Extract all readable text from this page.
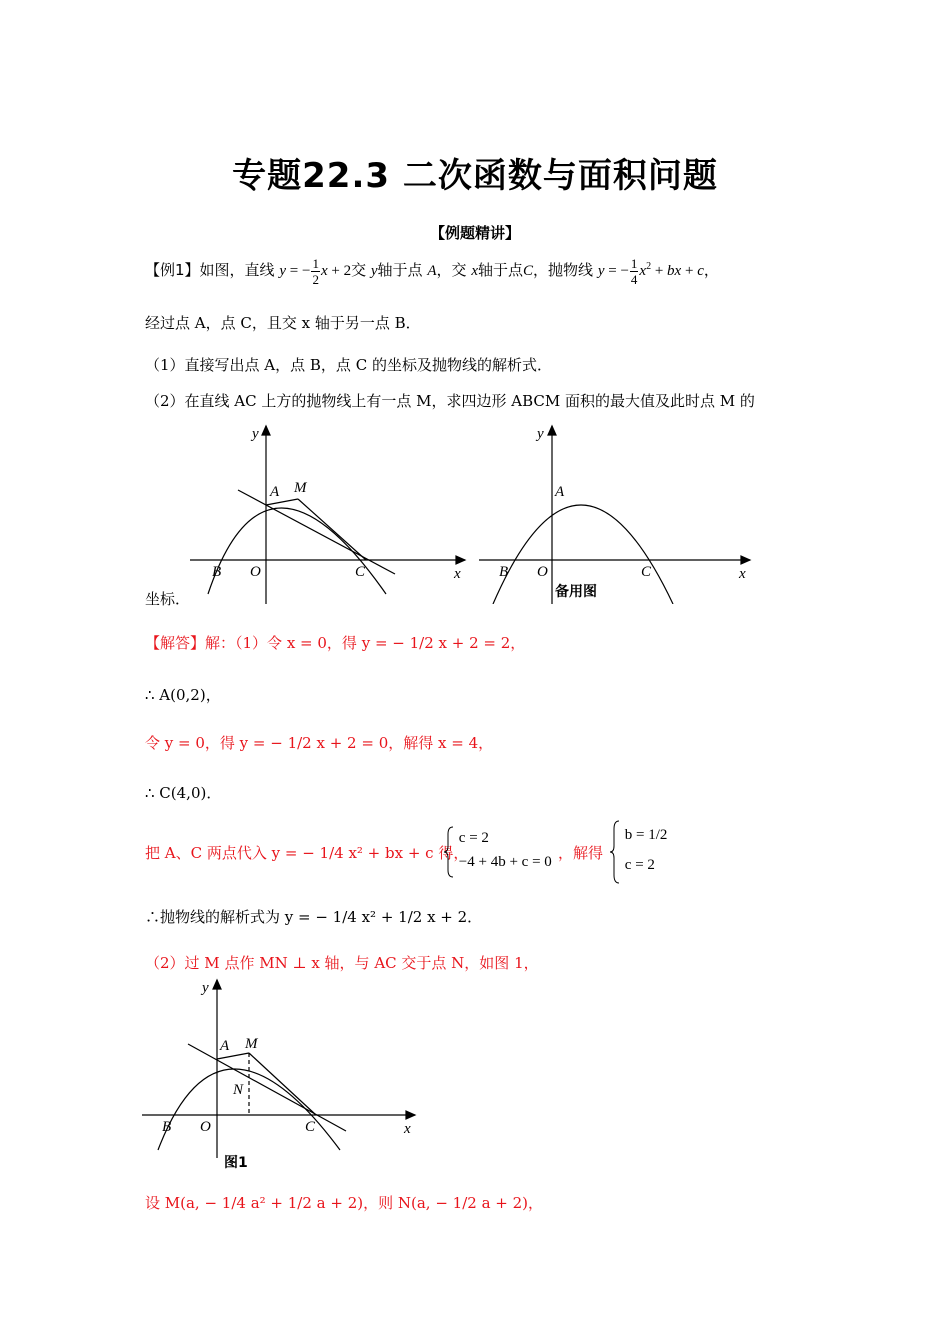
专题22.3 二次函数与面积问题
【例题精讲】
【例1】如图，直线 y = − $\frac{1}{2}$ x + 2交 y轴于点 A，交 x轴于点C，抛物线 y = − $\frac{1}{4} x^2$ + bx + c，
经过点 A，点 C，且交 x 轴于另一点 B．
（1）直接写出点 A，点 B，点 C 的坐标及抛物线的解析式．
（2）在直线 AC 上方的抛物线上有一点 M，求四边形 ABCM 面积的最大值及此时点 M 的
坐标．
A M
B O	C	x
y
A
B O	C	x
y
备用图
【解答】解：（1）令 x = 0，得 y = − 1/2 x + 2 = 2，
∴ A(0,2)，
令 y = 0，得 y = − 1/2 x + 2 = 0，解得 x = 4，
∴ C(4,0)．
把 A、C 两点代入 y = − 1/4 x² + bx + c 得，

c = 2
−4 + 4b + c = 0 ，解得

b = 1/2
c = 2
∴抛物线的解析式为 y = − 1/4 x² + 1/2 x + 2．
（2）过 M 点作 MN ⊥ x 轴，与 AC 交于点 N，如图 1，
A M
N
B O	C	x
y
图1
设 M(a, − 1/4 a² + 1/2 a + 2)，则 N(a, − 1/2 a + 2)，
